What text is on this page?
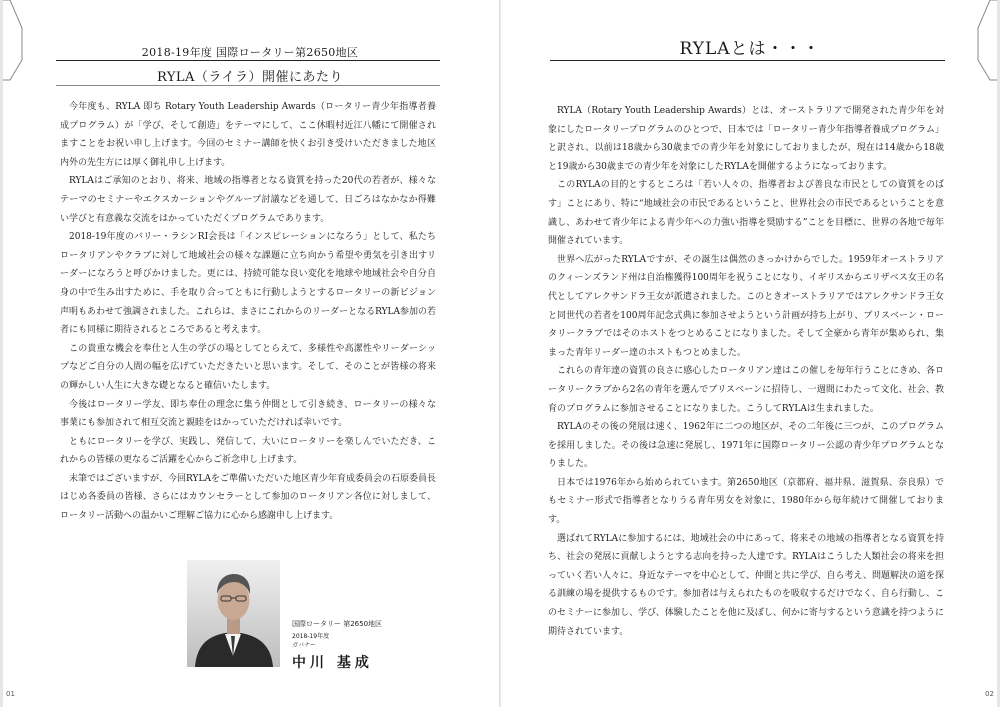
2018-19年度 国際ロータリー第2650地区
RYLA（ライラ）開催にあたり

今年度も、RYLA 即ち Rotary Youth Leadership Awards（ロータリー青少年指導者養成プログラム）が「学び、そして創造」をテーマにして、ここ休暇村近江八幡にて開催されますことをお祝い申し上げます。今回のセミナー講師を快くお引き受けいただきました地区内外の先生方には厚く御礼申し上げます。

RYLAはご承知のとおり、将来、地域の指導者となる資質を持った20代の若者が、様々なテーマのセミナーやエクスカーションやグループ討議などを通して、日ごろはなかなか得難い学びと有意義な交流をはかっていただくプログラムであります。

2018-19年度のバリー・ラシンRI会長は「インスピレーションになろう」として、私たちロータリアンやクラブに対して地域社会の様々な課題に立ち向かう希望や勇気を引き出すリーダーになろうと呼びかけました。更には、持続可能な良い変化を地球や地域社会や自分自身の中で生み出すために、手を取り合ってともに行動しようとするロータリーの新ビジョン声明もあわせて強調されました。これらは、まさにこれからのリーダーとなるRYLA参加の若者にも同様に期待されるところであると考えます。

この貴重な機会を奉仕と人生の学びの場としてとらえて、多様性や高潔性やリーダーシップなどご自分の人間の幅を広げていただきたいと思います。そして、そのことが皆様の将来の輝かしい人生に大きな礎となると確信いたします。

今後はロータリー学友、即ち奉仕の理念に集う仲間として引き続き、ロータリーの様々な事業にも参加されて相互交流と親睦をはかっていただければ幸いです。

ともにロータリーを学び、実践し、発信して、大いにロータリーを楽しんでいただき、これからの皆様の更なるご活躍を心からご祈念申し上げます。

末筆ではございますが、今回RYLAをご準備いただいた地区青少年育成委員会の石原委員長はじめ各委員の皆様、さらにはカウンセラーとして参加のロータリアン各位に対しまして、ロータリー活動への温かいご理解ご協力に心から感謝申し上げます。

国際ロータリー 第2650地区
2018-19年度
ガバナー
中川 基成
01
RYLAとは・・・

RYLA（Rotary Youth Leadership Awards）とは、オーストラリアで開発された青少年を対象にしたロータリープログラムのひとつで、日本では「ロータリー青少年指導者養成プログラム」と訳され、以前は18歳から30歳までの青少年を対象にしておりましたが、現在は14歳から18歳と19歳から30歳までの青少年を対象にしたRYLAを開催するようになっております。

このRYLAの目的とするところは「若い人々の、指導者および善良な市民としての資質をのばす」ことにあり、特に“地域社会の市民であるということ、世界社会の市民であるということを意識し、あわせて青少年による青少年への力強い指導を奨励する”ことを目標に、世界の各地で毎年開催されています。

世界へ広がったRYLAですが、その誕生は偶然のきっかけからでした。1959年オーストラリアのクィーンズランド州は自治権獲得100周年を祝うことになり、イギリスからエリザベス女王の名代としてアレクサンドラ王女が派遣されました。このときオーストラリアではアレクサンドラ王女と同世代の若者を100周年記念式典に参加させようという計画が持ち上がり、ブリスベーン・ロータリークラブではそのホストをつとめることになりました。そして全豪から青年が集められ、集まった青年リーダー達のホストもつとめました。

これらの青年達の資質の良さに感心したロータリアン達はこの催しを毎年行うことにきめ、各ロータリークラブから2名の青年を選んでブリスベーンに招待し、一週間にわたって文化、社会、教育のプログラムに参加させることになりました。こうしてRYLAは生まれました。

RYLAのその後の発展は速く、1962年に二つの地区が、その二年後に三つが、このプログラムを採用しました。その後は急速に発展し、1971年に国際ロータリー公認の青少年プログラムとなりました。

日本では1976年から始められています。第2650地区（京都府、福井県、滋賀県、奈良県）でもセミナー形式で指導者となりうる青年男女を対象に、1980年から毎年続けて開催しております。

選ばれてRYLAに参加するには、地域社会の中にあって、将来その地域の指導者となる資質を持ち、社会の発展に貢献しようとする志向を持った人達です。RYLAはこうした人類社会の将来を担っていく若い人々に、身近なテーマを中心として、仲間と共に学び、自ら考え、問題解決の道を探る訓練の場を提供するものです。参加者は与えられたものを吸収するだけでなく、自ら行動し、このセミナーに参加し、学び、体験したことを他に及ぼし、何かに寄与するという意識を持つように期待されています。

02
